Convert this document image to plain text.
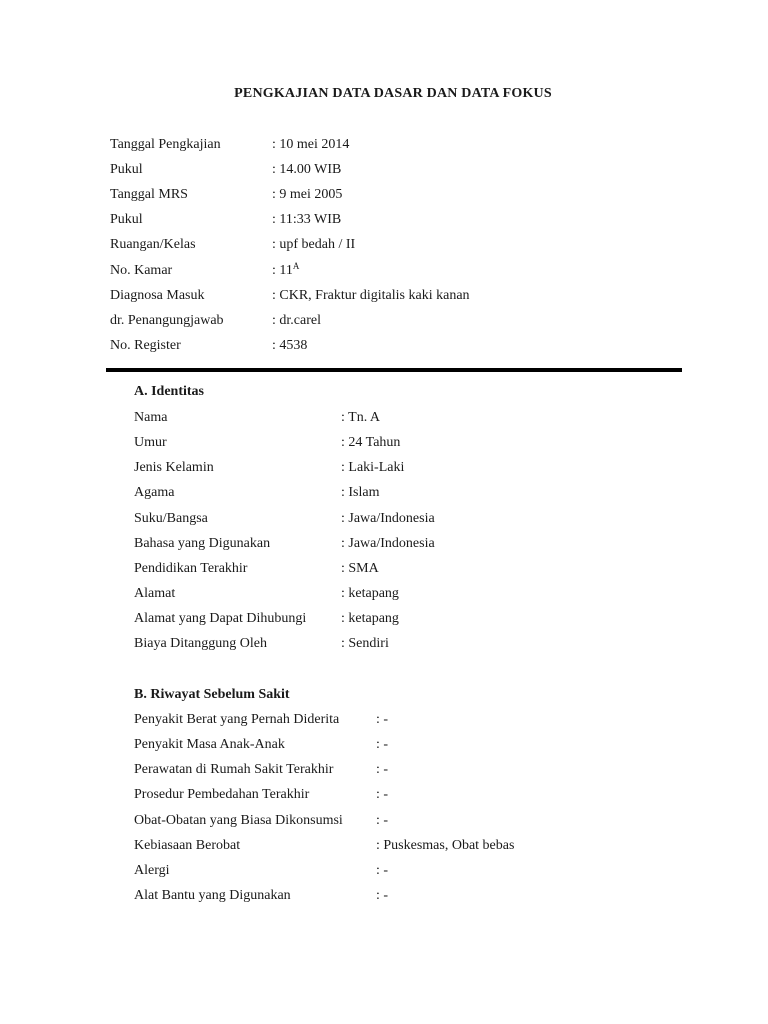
PENGKAJIAN DATA DASAR DAN DATA FOKUS
Tanggal Pengkajian	: 10 mei 2014
Pukul	: 14.00 WIB
Tanggal MRS	: 9 mei 2005
Pukul	: 11:33 WIB
Ruangan/Kelas	: upf bedah / II
No. Kamar	: $11^A$
Diagnosa Masuk	: CKR, Fraktur digitalis kaki kanan
dr. Penangungjawab	: dr.carel
No. Register	: 4538
A. Identitas
Nama	: Tn. A
Umur	: 24 Tahun
Jenis Kelamin	: Laki-Laki
Agama	: Islam
Suku/Bangsa	: Jawa/Indonesia
Bahasa yang Digunakan	: Jawa/Indonesia
Pendidikan Terakhir	: SMA
Alamat	: ketapang
Alamat yang Dapat Dihubungi : ketapang
Biaya Ditanggung Oleh	: Sendiri
B. Riwayat Sebelum Sakit
Penyakit Berat yang Pernah Diderita	: -
Penyakit Masa Anak-Anak	: -
Perawatan di Rumah Sakit Terakhir	: -
Prosedur Pembedahan Terakhir	: -
Obat-Obatan yang Biasa Dikonsumsi : -
Kebiasaan Berobat	: Puskesmas, Obat bebas
Alergi	: -
Alat Bantu yang Digunakan	: -
